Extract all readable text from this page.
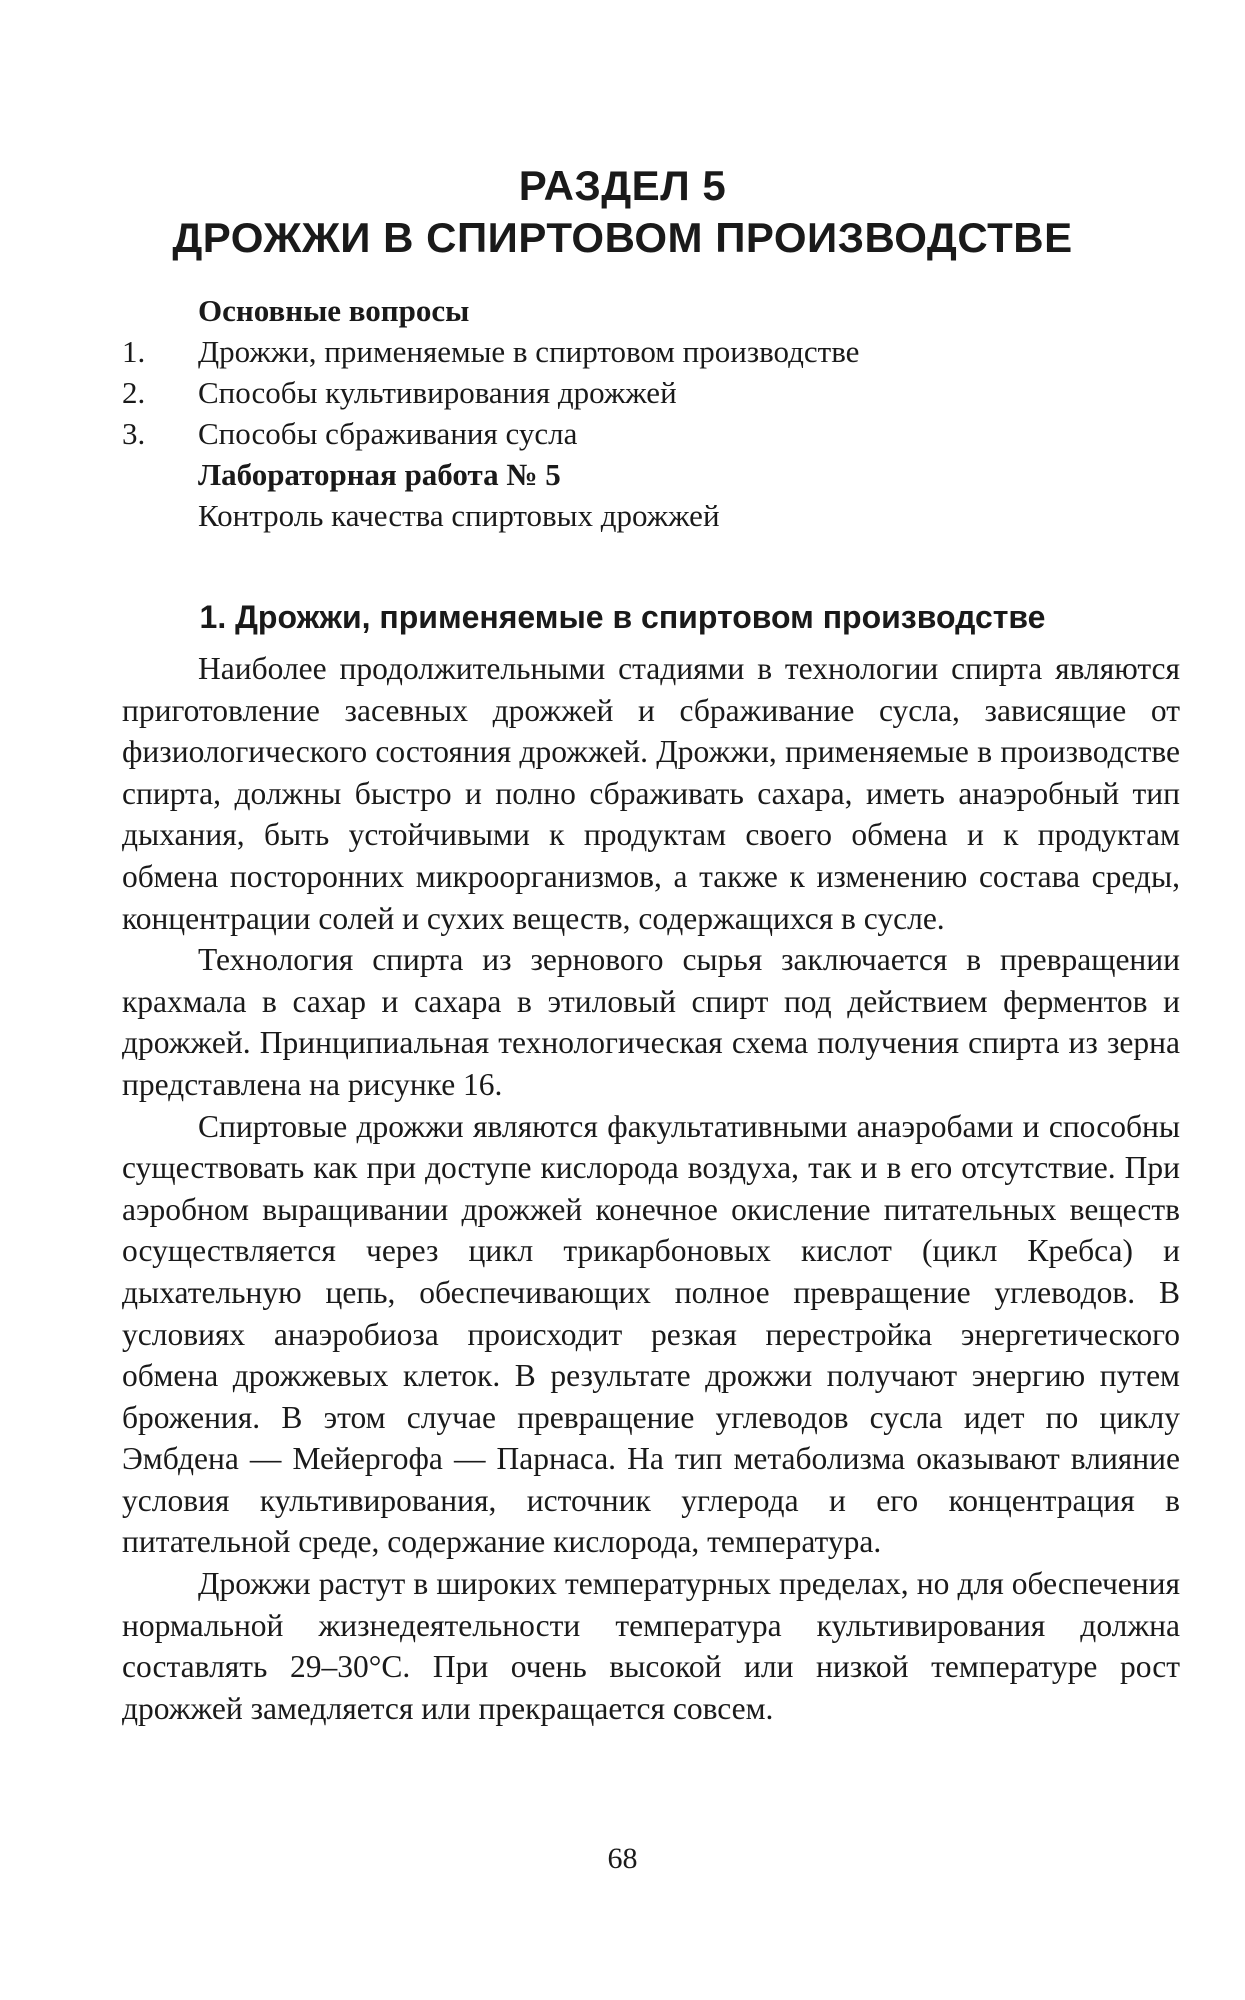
РАЗДЕЛ 5
ДРОЖЖИ В СПИРТОВОМ ПРОИЗВОДСТВЕ
Основные вопросы
1. Дрожжи, применяемые в спиртовом производстве
2. Способы культивирования дрожжей
3. Способы сбраживания сусла
Лабораторная работа № 5
Контроль качества спиртовых дрожжей
1. Дрожжи, применяемые в спиртовом производстве

Наиболее продолжительными стадиями в технологии спирта являются приготовление засевных дрожжей и сбраживание сусла, зависящие от физиологического состояния дрожжей. Дрожжи, применяемые в производстве спирта, должны быстро и полно сбраживать сахара, иметь анаэробный тип дыхания, быть устойчивыми к продуктам своего обмена и к продуктам обмена посторонних микроорганизмов, а также к изменению состава среды, концентрации солей и сухих веществ, содержащихся в сусле.

Технология спирта из зернового сырья заключается в превращении крахмала в сахар и сахара в этиловый спирт под действием ферментов и дрожжей. Принципиальная технологическая схема получения спирта из зерна представлена на рисунке 16.

Спиртовые дрожжи являются факультативными анаэробами и способны существовать как при доступе кислорода воздуха, так и в его отсутствие. При аэробном выращивании дрожжей конечное окисление питательных веществ осуществляется через цикл трикарбоновых кислот (цикл Кребса) и дыхательную цепь, обеспечивающих полное превращение углеводов. В условиях анаэробиоза происходит резкая перестройка энергетического обмена дрожжевых клеток. В результате дрожжи получают энергию путем брожения. В этом случае превращение углеводов сусла идет по циклу Эмбдена — Мейергофа — Парнаса. На тип метаболизма оказывают влияние условия культивирования, источник углерода и его концентрация в питательной среде, содержание кислорода, температура.

Дрожжи растут в широких температурных пределах, но для обеспечения нормальной жизнедеятельности температура культивирования должна составлять 29–30°С. При очень высокой или низкой температуре рост дрожжей замедляется или прекращается совсем.

68
